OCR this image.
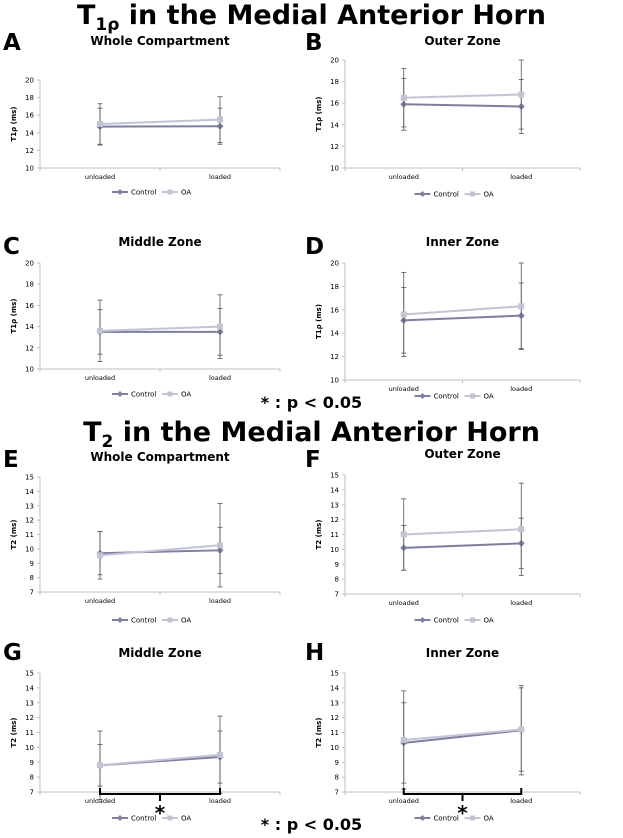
$T_{1\rho}$ in the Medial Anterior Horn
$T_2$ in the Medial Anterior Horn
* : p < 0.05
* : p < 0.05
A	B
C	D
E	F
G	H
Whole Compartment
T1ρ (ms)
10
12
14
16
18
20
unloaded	loaded
Control	OA
Outer Zone
T1ρ (ms)
10
12
14
16
18
20
unloaded	loaded
Control	OA
Middle Zone
T1ρ (ms)
10
12
14
16
18
20
unloaded	loaded
Control	OA
Inner Zone
T1ρ (ms)
10
12
14
16
18
20
unloaded	loaded
Control	OA
Whole Compartment
T2 (ms)
7
8
9
10
11
12
13
14
15
unloaded	loaded
Control	OA
Outer Zone
T2 (ms)
7
8
9
10
11
12
13
14
15
unloaded	loaded
Control	OA
Middle Zone
T2 (ms)
7
8
9
10
11
12
13
14
15
unloaded	loaded
Control	OA
*
Inner Zone
T2 (ms)
7
8
9
10
11
12
13
14
15
unloaded	loaded
Control	OA
*
